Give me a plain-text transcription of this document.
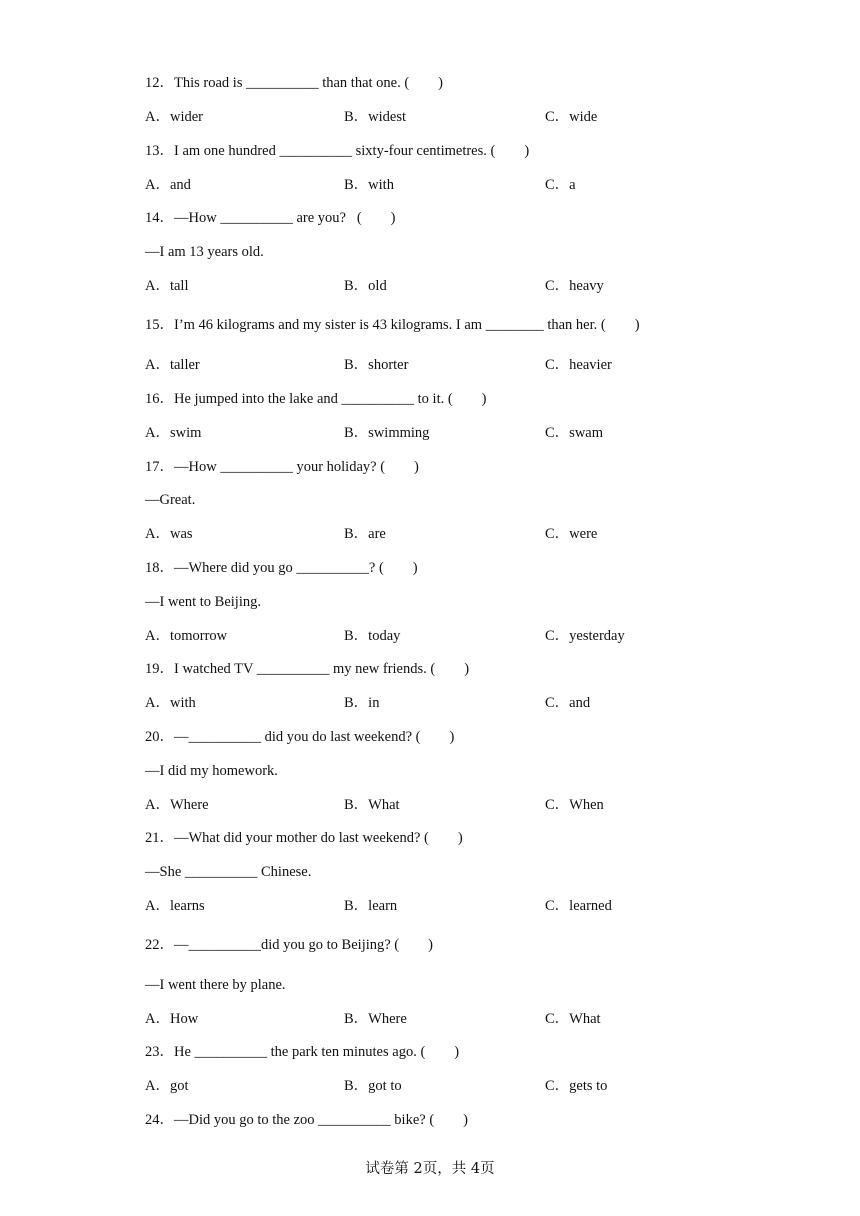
12．This road is __________ than that one. (        )
A．wider	B．widest	C．wide
13．I am one hundred __________ sixty-four centimetres. (        )
A．and	B．with	C．a
14．—How __________ are you?   (        )
—I am 13 years old.
A．tall	B．old	C．heavy
15．I’m 46 kilograms and my sister is 43 kilograms. I am ________ than her. (        )
A．taller	B．shorter	C．heavier
16．He jumped into the lake and __________ to it. (        )
A．swim	B．swimming	C．swam
17．—How __________ your holiday? (        )
—Great.
A．was	B．are	C．were
18．—Where did you go __________? (        )
—I went to Beijing.
A．tomorrow	B．today	C．yesterday
19．I watched TV __________ my new friends. (        )
A．with	B．in	C．and
20．—__________ did you do last weekend? (        )
—I did my homework.
A．Where	B．What	C．When
21．—What did your mother do last weekend? (        )
—She __________ Chinese.
A．learns	B．learn	C．learned
22．—__________did you go to Beijing? (        )
—I went there by plane.
A．How	B．Where	C．What
23．He __________ the park ten minutes ago. (        )
A．got	B．got to	C．gets to
24．—Did you go to the zoo __________ bike? (        )
试卷第 2页，共 4页
